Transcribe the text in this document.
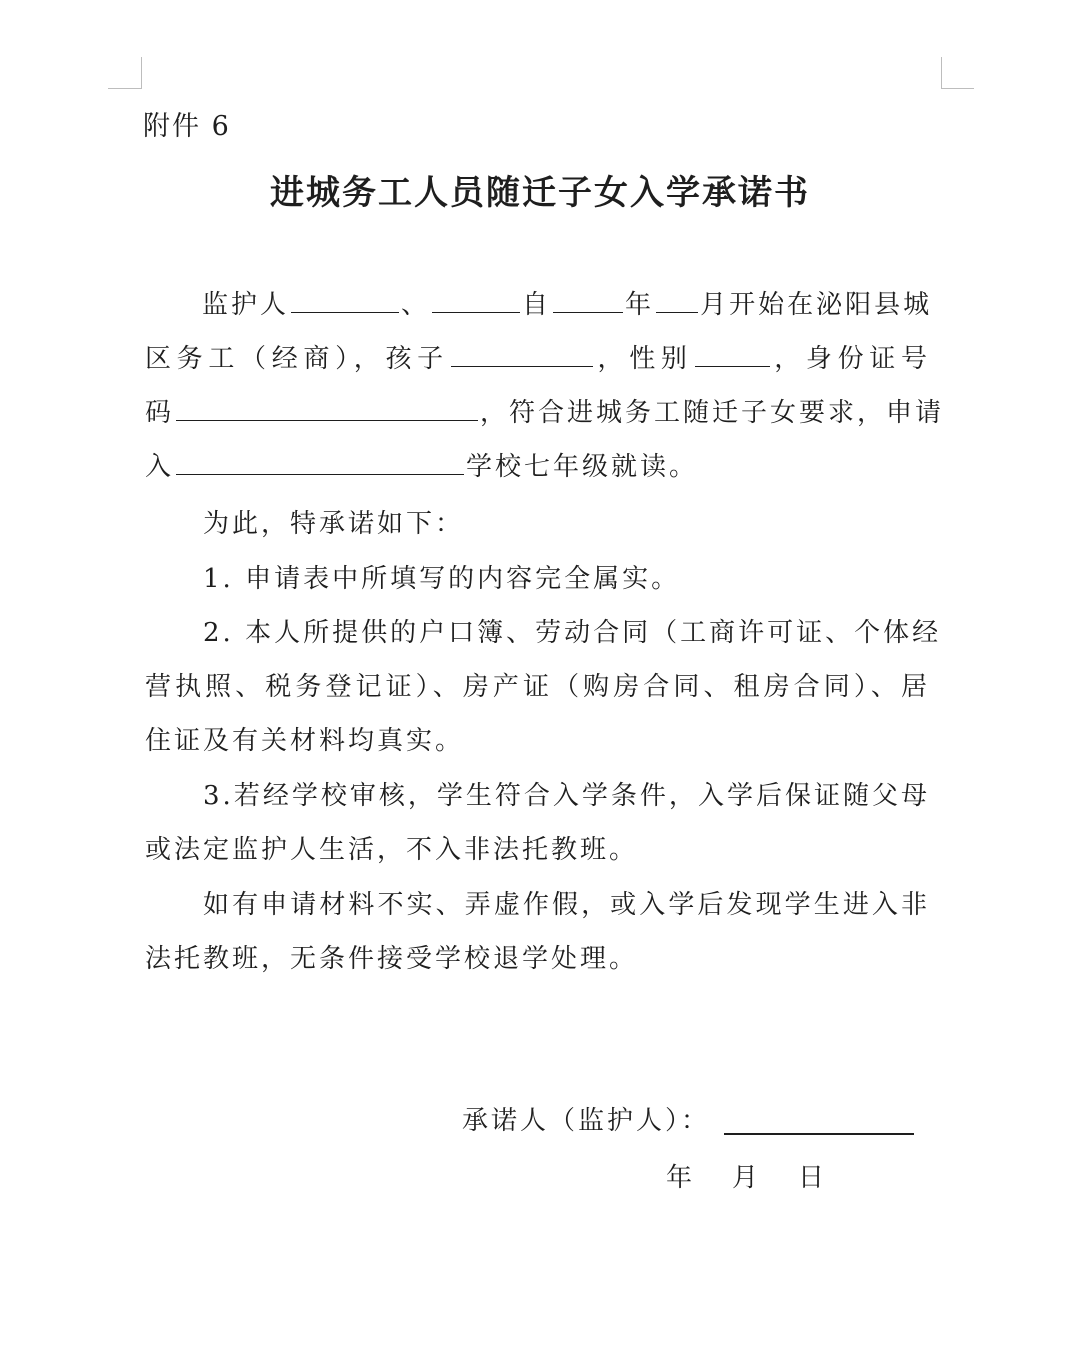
附件 6
进城务工人员随迁子女入学承诺书
监护人	、	自	年 月开始在泌阳县城
区务工（经商），孩子	，性别	，身份证号
码	，符合进城务工随迁子女要求，申请
入	学校七年级就读。
为此，特承诺如下：
1. 申请表中所填写的内容完全属实。
2. 本人所提供的户口簿、劳动合同（工商许可证、个体经
营执照、税务登记证）、房产证（购房合同、租房合同）、居
住证及有关材料均真实。
3.若经学校审核，学生符合入学条件，入学后保证随父母
或法定监护人生活，不入非法托教班。
如有申请材料不实、弄虚作假，或入学后发现学生进入非
法托教班，无条件接受学校退学处理。
承诺人（监护人）：
年 月 日
